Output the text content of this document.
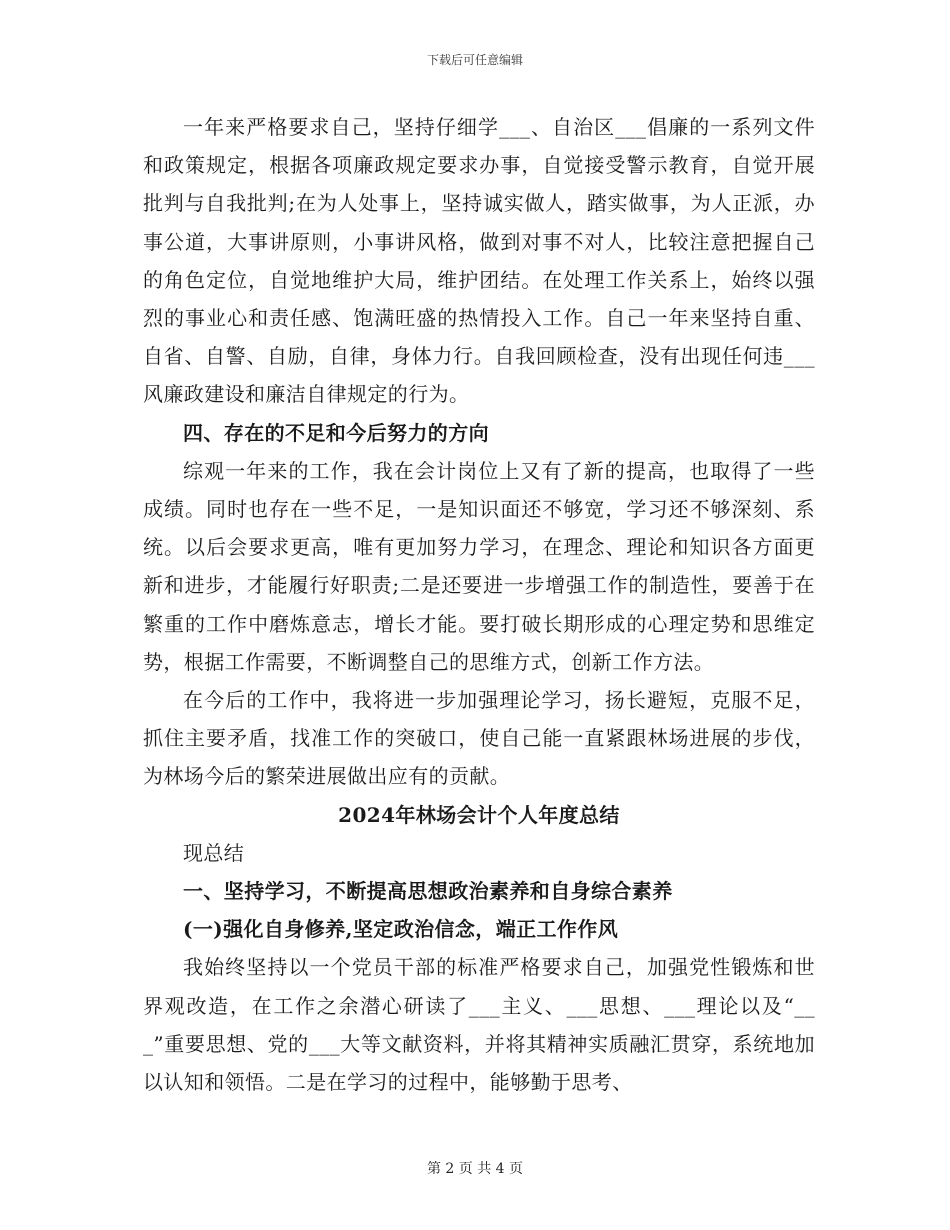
下载后可任意编辑

一年来严格要求自己，坚持仔细学___、自治区___倡廉的一系列文件和政策规定，根据各项廉政规定要求办事，自觉接受警示教育，自觉开展批判与自我批判;在为人处事上，坚持诚实做人，踏实做事，为人正派，办事公道，大事讲原则，小事讲风格，做到对事不对人，比较注意把握自己的角色定位，自觉地维护大局，维护团结。在处理工作关系上，始终以强烈的事业心和责任感、饱满旺盛的热情投入工作。自己一年来坚持自重、自省、自警、自励，自律，身体力行。自我回顾检查，没有出现任何违___风廉政建设和廉洁自律规定的行为。

四、存在的不足和今后努力的方向

综观一年来的工作，我在会计岗位上又有了新的提高，也取得了一些成绩。同时也存在一些不足，一是知识面还不够宽，学习还不够深刻、系统。以后会要求更高，唯有更加努力学习，在理念、理论和知识各方面更新和进步，才能履行好职责;二是还要进一步增强工作的制造性，要善于在繁重的工作中磨炼意志，增长才能。要打破长期形成的心理定势和思维定势，根据工作需要，不断调整自己的思维方式，创新工作方法。

在今后的工作中，我将进一步加强理论学习，扬长避短，克服不足，抓住主要矛盾，找准工作的突破口，使自己能一直紧跟林场进展的步伐，为林场今后的繁荣进展做出应有的贡献。

2024年林场会计个人年度总结

现总结

一、坚持学习，不断提高思想政治素养和自身综合素养

(一)强化自身修养,坚定政治信念，端正工作作风

我始终坚持以一个党员干部的标准严格要求自己，加强党性锻炼和世界观改造，在工作之余潜心研读了___主义、___思想、___理论以及“___”重要思想、党的___大等文献资料，并将其精神实质融汇贯穿，系统地加以认知和领悟。二是在学习的过程中，能够勤于思考、

第 2 页 共 4 页
